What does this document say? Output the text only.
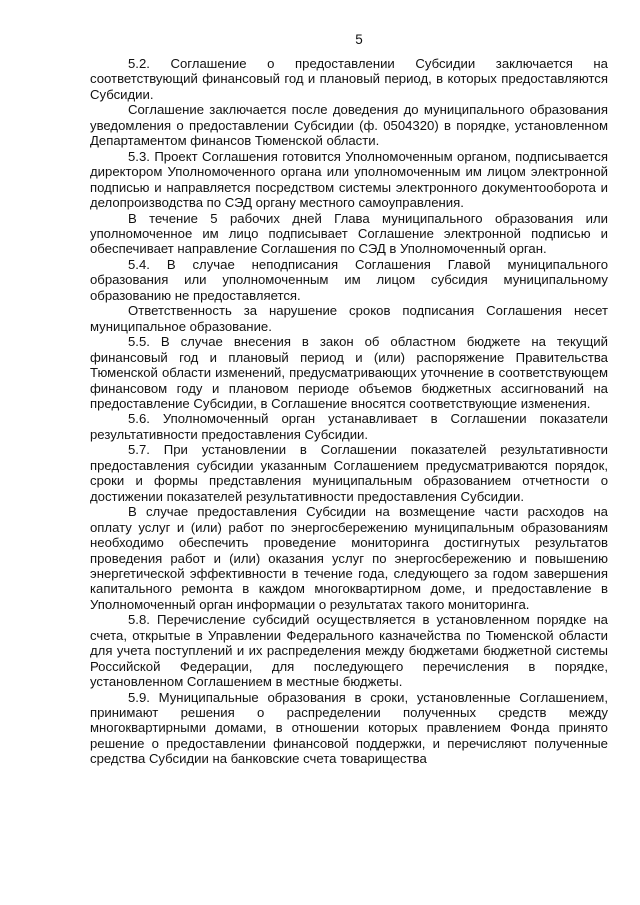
5

5.2. Соглашение о предоставлении Субсидии заключается на соответствующий финансовый год и плановый период, в которых предоставляются Субсидии.

Соглашение заключается после доведения до муниципального образования уведомления о предоставлении Субсидии (ф. 0504320) в порядке, установленном Департаментом финансов Тюменской области.

5.3. Проект Соглашения готовится Уполномоченным органом, подписывается директором Уполномоченного органа или уполномоченным им лицом электронной подписью и направляется посредством системы электронного документооборота и делопроизводства по СЭД органу местного самоуправления.

В течение 5 рабочих дней Глава муниципального образования или уполномоченное им лицо подписывает Соглашение электронной подписью и обеспечивает направление Соглашения по СЭД в Уполномоченный орган.

5.4. В случае неподписания Соглашения Главой муниципального образования или уполномоченным им лицом субсидия муниципальному образованию не предоставляется.

Ответственность за нарушение сроков подписания Соглашения несет муниципальное образование.

5.5. В случае внесения в закон об областном бюджете на текущий финансовый год и плановый период и (или) распоряжение Правительства Тюменской области изменений, предусматривающих уточнение в соответствующем финансовом году и плановом периоде объемов бюджетных ассигнований на предоставление Субсидии, в Соглашение вносятся соответствующие изменения.

5.6. Уполномоченный орган устанавливает в Соглашении показатели результативности предоставления Субсидии.

5.7. При установлении в Соглашении показателей результативности предоставления субсидии указанным Соглашением предусматриваются порядок, сроки и формы представления муниципальным образованием отчетности о достижении показателей результативности предоставления Субсидии.

В случае предоставления Субсидии на возмещение части расходов на оплату услуг и (или) работ по энергосбережению муниципальным образованиям необходимо обеспечить проведение мониторинга достигнутых результатов проведения работ и (или) оказания услуг по энергосбережению и повышению энергетической эффективности в течение года, следующего за годом завершения капитального ремонта в каждом многоквартирном доме, и предоставление в Уполномоченный орган информации о результатах такого мониторинга.

5.8. Перечисление субсидий осуществляется в установленном порядке на счета, открытые в Управлении Федерального казначейства по Тюменской области для учета поступлений и их распределения между бюджетами бюджетной системы Российской Федерации, для последующего перечисления в порядке, установленном Соглашением в местные бюджеты.

5.9. Муниципальные образования в сроки, установленные Соглашением, принимают решения о распределении полученных средств между многоквартирными домами, в отношении которых правлением Фонда принято решение о предоставлении финансовой поддержки, и перечисляют полученные средства Субсидии на банковские счета товарищества
